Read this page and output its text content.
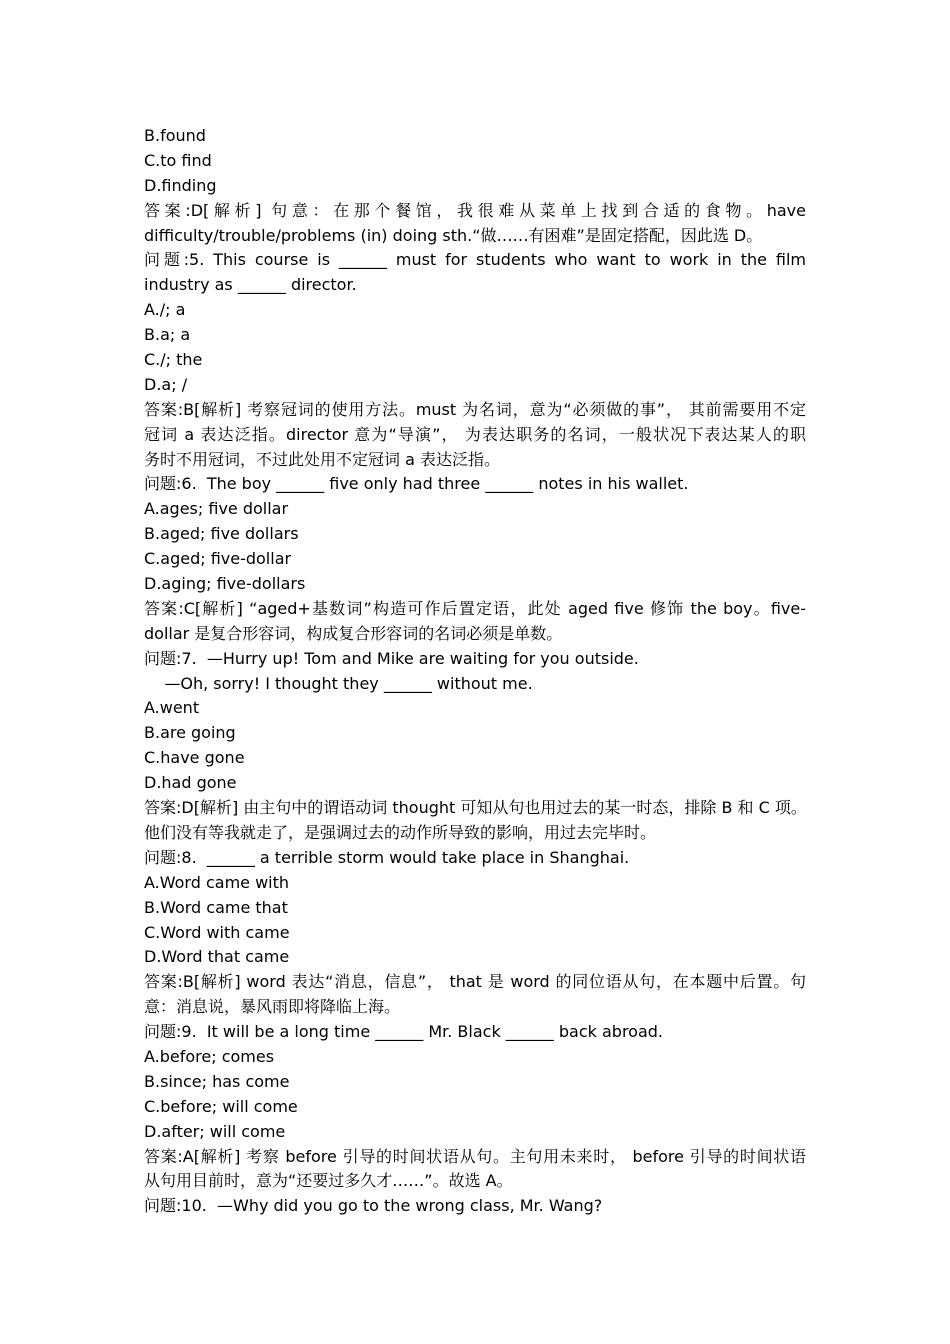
B.found
C.to find
D.finding
答案:D[解析] 句意：在那个餐馆，我很难从菜单上找到合适的食物。have
difficulty/trouble/problems (in) doing sth.“做……有困难”是固定搭配，因此选 D。
问题:5. This course is ______ must for students who want to work in the film
industry as ______ director.
A./; a
B.a; a
C./; the
D.a; /
答案:B[解析] 考察冠词的使用方法。must 为名词，意为“必须做的事”， 其前需要用不定
冠词 a 表达泛指。director 意为“导演”， 为表达职务的名词，一般状况下表达某人的职
务时不用冠词，不过此处用不定冠词 a 表达泛指。
问题:6.  The boy ______ five only had three ______ notes in his wallet.
A.ages; five dollar
B.aged; five dollars
C.aged; five-dollar
D.aging; five-dollars
答案:C[解析] “aged+基数词”构造可作后置定语，此处 aged five 修饰 the boy。five-
dollar 是复合形容词，构成复合形容词的名词必须是单数。
问题:7.  —Hurry up! Tom and Mike are waiting for you outside.
—Oh, sorry! I thought they ______ without me.
A.went
B.are going
C.have gone
D.had gone
答案:D[解析] 由主句中的谓语动词 thought 可知从句也用过去的某一时态，排除 B 和 C 项。
他们没有等我就走了，是强调过去的动作所导致的影响，用过去完毕时。
问题:8.  ______ a terrible storm would take place in Shanghai.
A.Word came with
B.Word came that
C.Word with came
D.Word that came
答案:B[解析] word 表达“消息，信息”， that 是 word 的同位语从句，在本题中后置。句
意：消息说，暴风雨即将降临上海。
问题:9.  It will be a long time ______ Mr. Black ______ back abroad.
A.before; comes
B.since; has come
C.before; will come
D.after; will come
答案:A[解析] 考察 before 引导的时间状语从句。主句用未来时， before 引导的时间状语
从句用目前时，意为“还要过多久才……”。故选 A。
问题:10.  —Why did you go to the wrong class, Mr. Wang?
